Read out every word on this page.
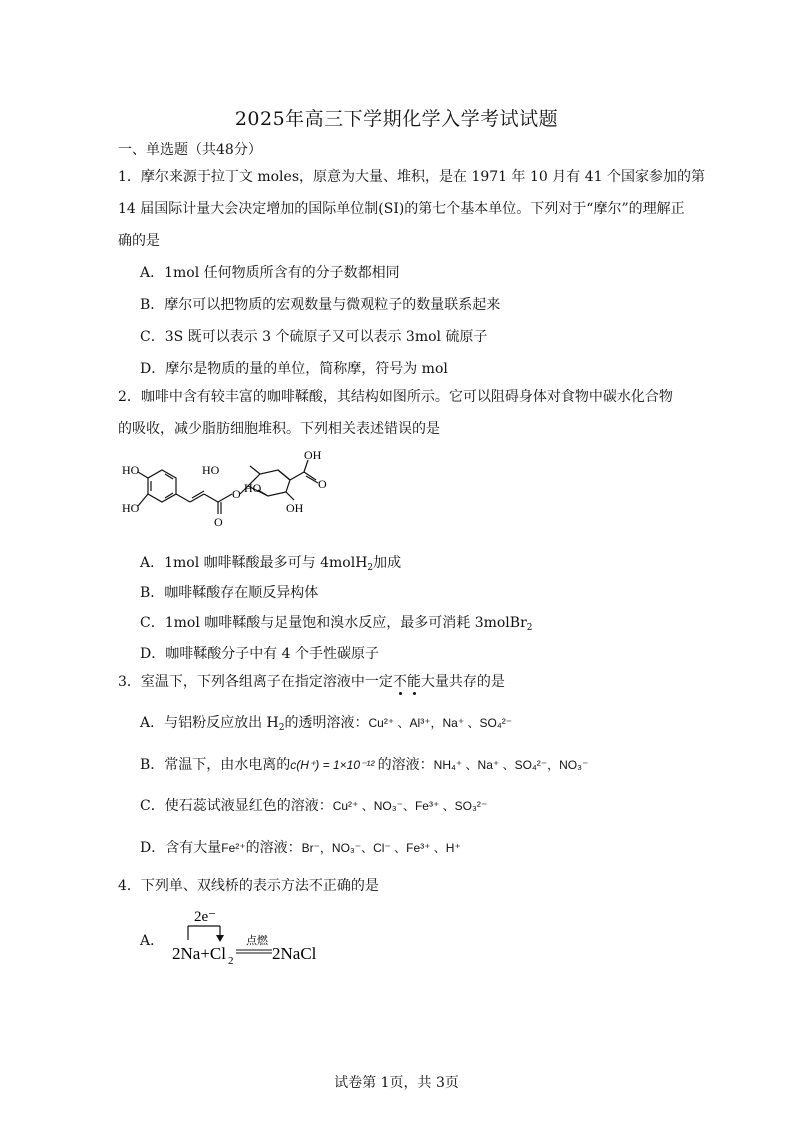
2025年高三下学期化学入学考试试题
一、单选题（共48分）
1．摩尔来源于拉丁文 moles，原意为大量、堆积，是在 1971 年 10 月有 41 个国家参加的第
14 届国际计量大会决定增加的国际单位制(SI)的第七个基本单位。下列对于“摩尔”的理解正
确的是
A．1mol 任何物质所含有的分子数都相同
B．摩尔可以把物质的宏观数量与微观粒子的数量联系起来
C．3S 既可以表示 3 个硫原子又可以表示 3mol 硫原子
D．摩尔是物质的量的单位，简称摩，符号为 mol
2．咖啡中含有较丰富的咖啡鞣酸，其结构如图所示。它可以阻碍身体对食物中碳水化合物
的吸收，减少脂肪细胞堆积。下列相关表述错误的是
HO
HO
HO
O
O HO
OH
O
OH
A．1mol 咖啡鞣酸最多可与 4molH$_2$加成
B．咖啡鞣酸存在顺反异构体
C．1mol 咖啡鞣酸与足量饱和溴水反应，最多可消耗 3molBr$_2$
D．咖啡鞣酸分子中有 4 个手性碳原子
3．室温下，下列各组离子在指定溶液中一定不能大量共存的是
A．与铝粉反应放出 $H_2$的透明溶液：Cu²⁺ 、Al³⁺，Na⁺ 、SO₄²⁻
B．常温下，由水电离的c(H⁺) = 1×10⁻¹² 的溶液：NH₄⁺ 、Na⁺ 、SO₄²⁻，NO₃⁻
C．使石蕊试液显红色的溶液：Cu²⁺ 、NO₃⁻、Fe³⁺ 、SO₃²⁻
D．含有大量Fe²⁺的溶液：Br⁻，NO₃⁻、Cl⁻ 、Fe³⁺ 、H⁺
4．下列单、双线桥的表示方法不正确的是
A．
2e⁻
2Na+Cl 2
点燃
2NaCl
试卷第 1页，共 3页
